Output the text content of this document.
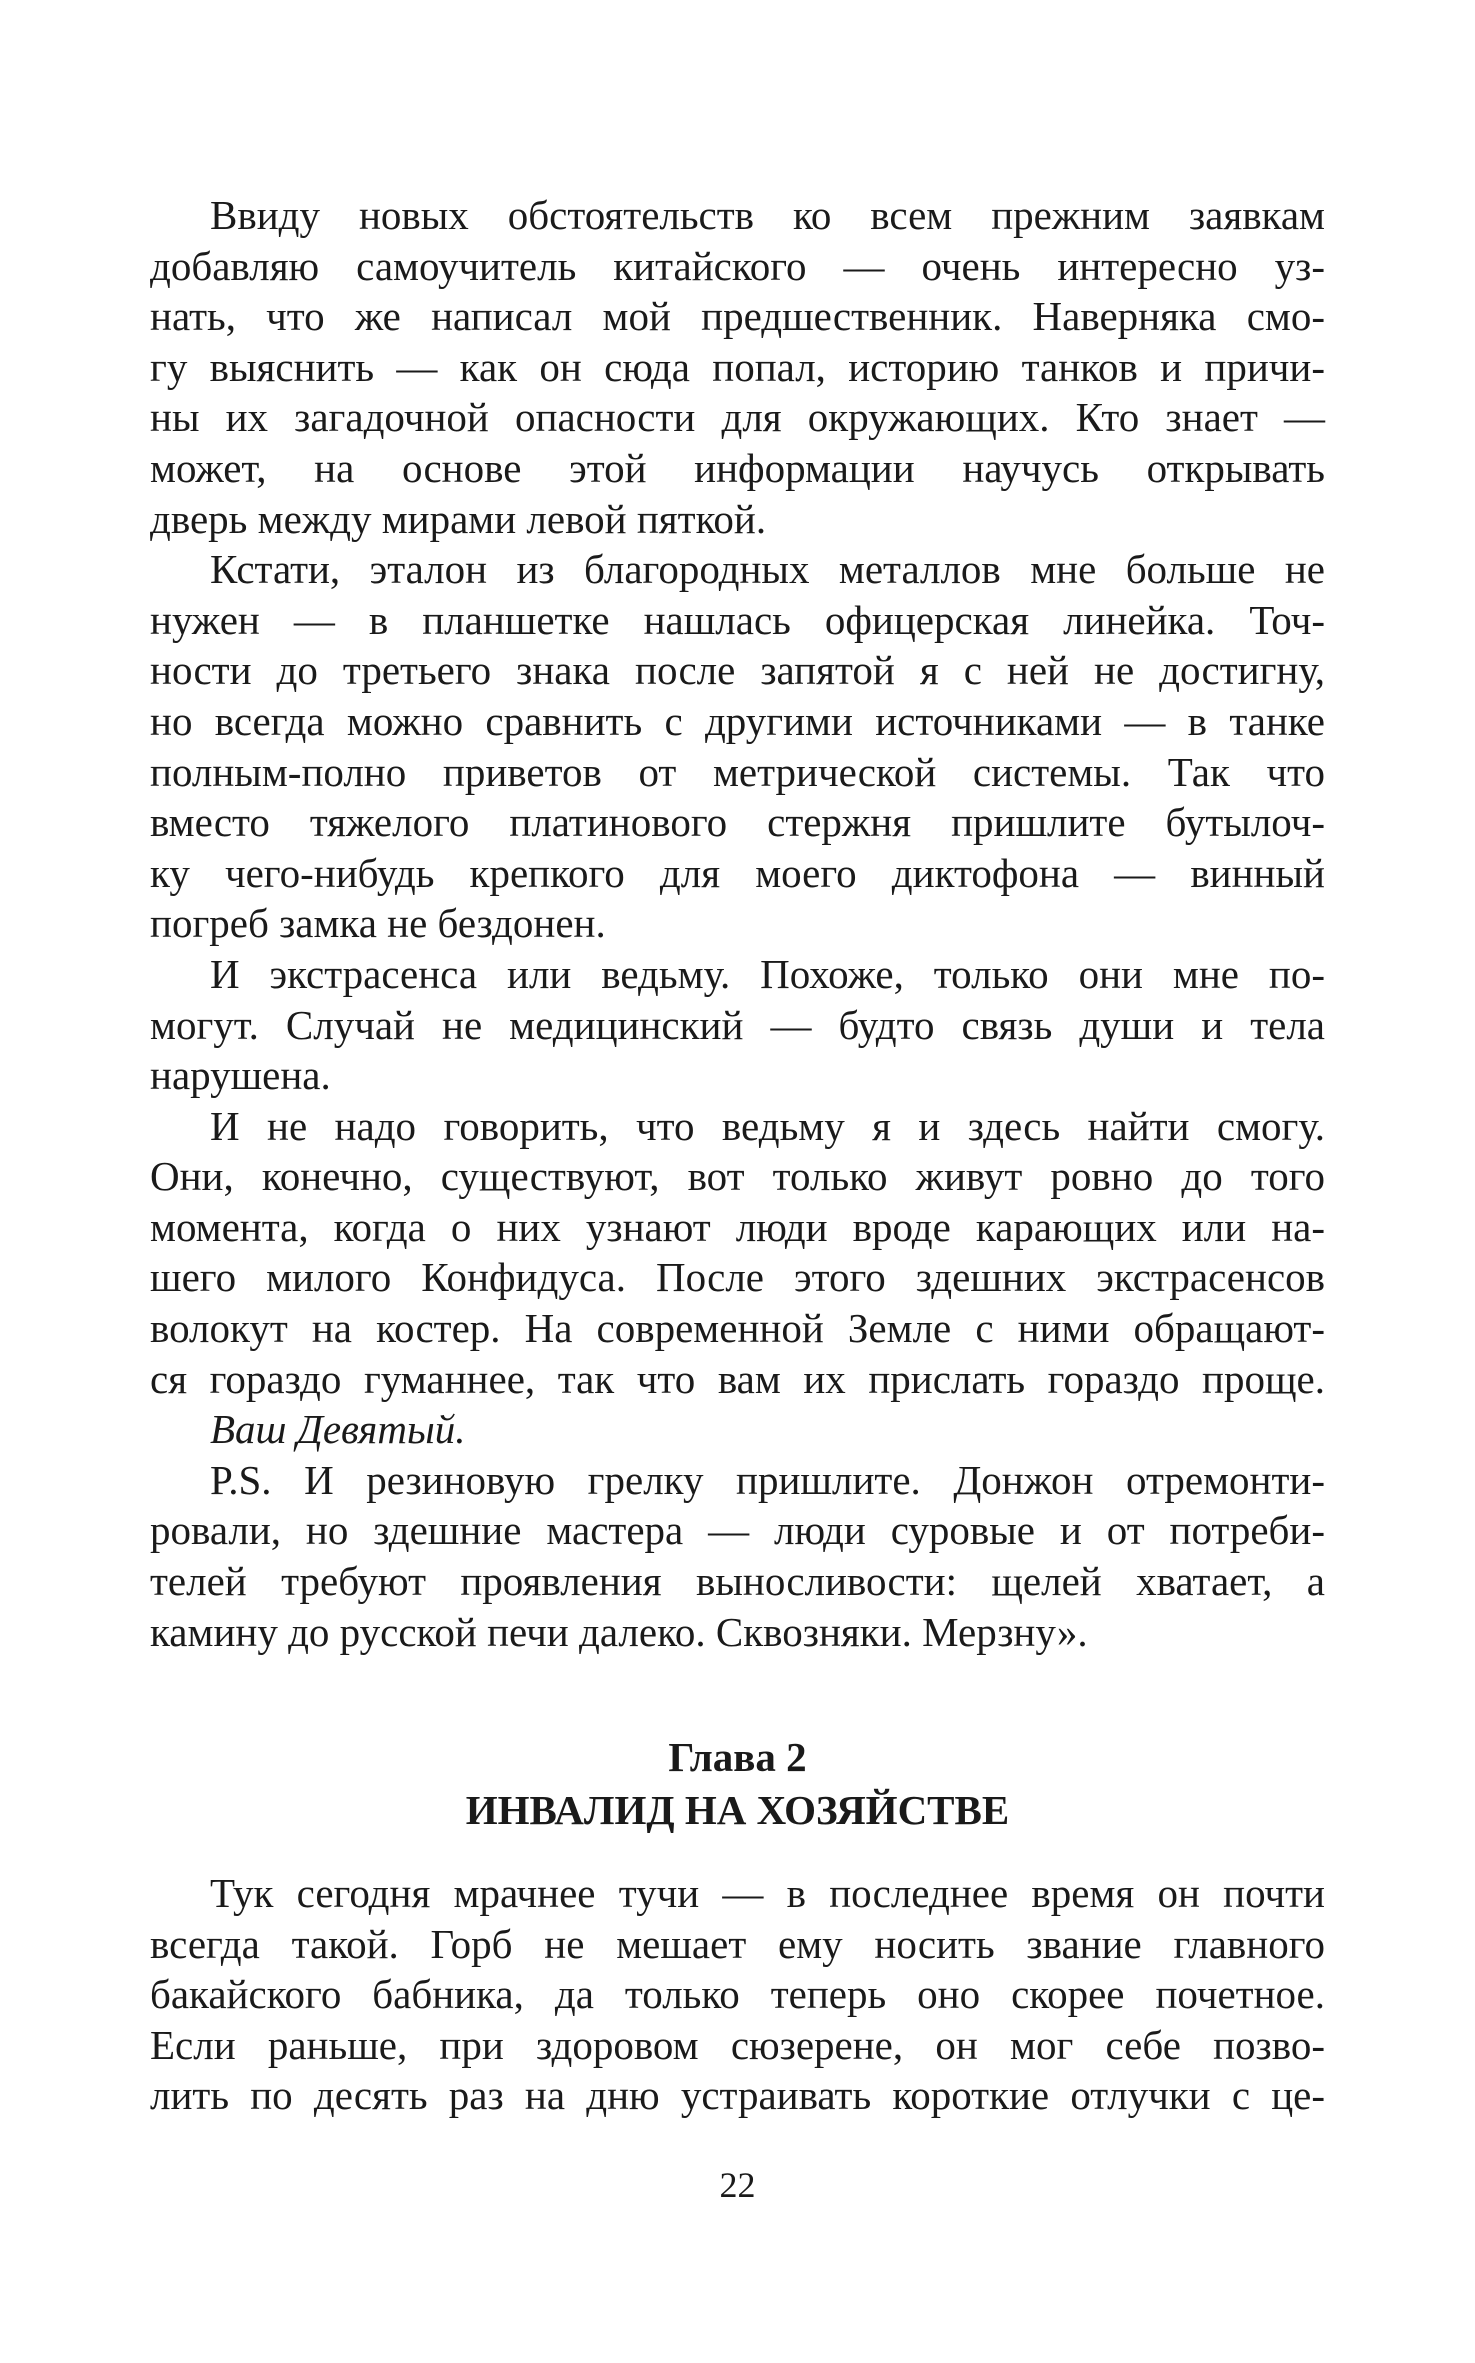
Ввиду новых обстоятельств ко всем прежним заявкам
добавляю самоучитель китайского — очень интересно уз-
нать, что же написал мой предшественник. Наверняка смо-
гу выяснить — как он сюда попал, историю танков и причи-
ны их загадочной опасности для окружающих. Кто знает —
может, на основе этой информации научусь открывать
дверь между мирами левой пяткой.
Кстати, эталон из благородных металлов мне больше не
нужен — в планшетке нашлась офицерская линейка. Точ-
ности до третьего знака после запятой я с ней не достигну,
но всегда можно сравнить с другими источниками — в танке
полным-полно приветов от метрической системы. Так что
вместо тяжелого платинового стержня пришлите бутылоч-
ку чего-нибудь крепкого для моего диктофона — винный
погреб замка не бездонен.
И экстрасенса или ведьму. Похоже, только они мне по-
могут. Случай не медицинский — будто связь души и тела
нарушена.
И не надо говорить, что ведьму я и здесь найти смогу.
Они, конечно, существуют, вот только живут ровно до того
момента, когда о них узнают люди вроде карающих или на-
шего милого Конфидуса. После этого здешних экстрасенсов
волокут на костер. На современной Земле с ними обращают-
ся гораздо гуманнее, так что вам их прислать гораздо проще.
Ваш Девятый.
P.S. И резиновую грелку пришлите. Донжон отремонти-
ровали, но здешние мастера — люди суровые и от потреби-
телей требуют проявления выносливости: щелей хватает, а
камину до русской печи далеко. Сквозняки. Мерзну».
Глава 2
ИНВАЛИД НА ХОЗЯЙСТВЕ
Тук сегодня мрачнее тучи — в последнее время он почти
всегда такой. Горб не мешает ему носить звание главного
бакайского бабника, да только теперь оно скорее почетное.
Если раньше, при здоровом сюзерене, он мог себе позво-
лить по десять раз на дню устраивать короткие отлучки с це-
22
